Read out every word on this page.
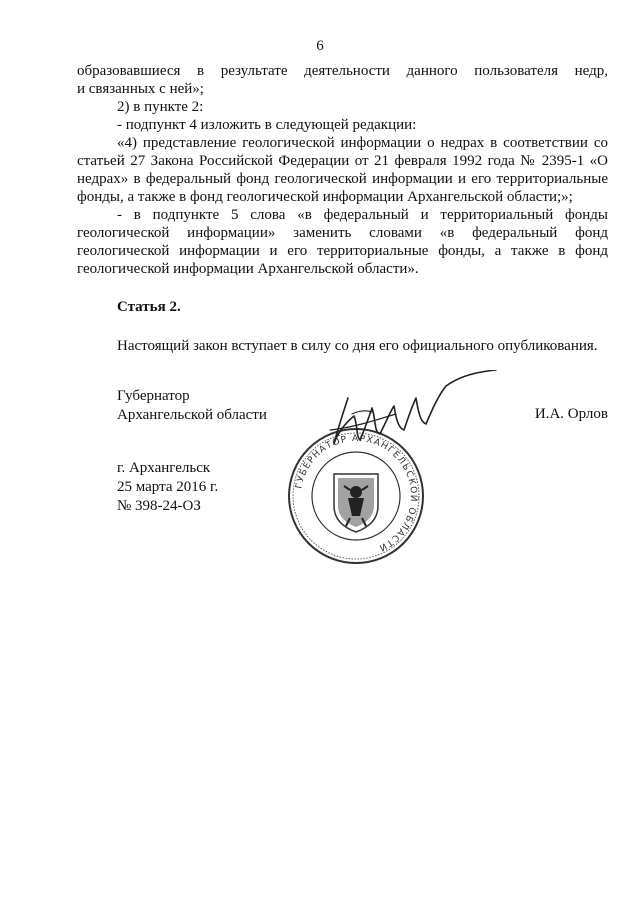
6

образовавшиеся в результате деятельности данного пользователя недр,

и связанных с ней»;

2) в пункте 2:

- подпункт 4 изложить в следующей редакции:

«4) представление геологической информации о недрах в соответствии со статьей 27 Закона Российской Федерации от 21 февраля 1992 года № 2395-1 «О недрах» в федеральный фонд геологической информации и его территориальные фонды, а также в фонд геологической информации Архангельской области;»;

- в подпункте 5 слова «в федеральный и территориальный фонды геологической информации» заменить словами «в федеральный фонд геологической информации и его территориальные фонды, а также в фонд геологической информации Архангельской области».

Статья 2.
Настоящий закон вступает в силу со дня его официального опубликования.
Губернатор
Архангельской области	И.А. Орлов
г. Архангельск
25 марта 2016 г.
№ 398-24-ОЗ
ГУБЕРНАТОР АРХАНГЕЛЬСКОЙ ОБЛАСТИ
